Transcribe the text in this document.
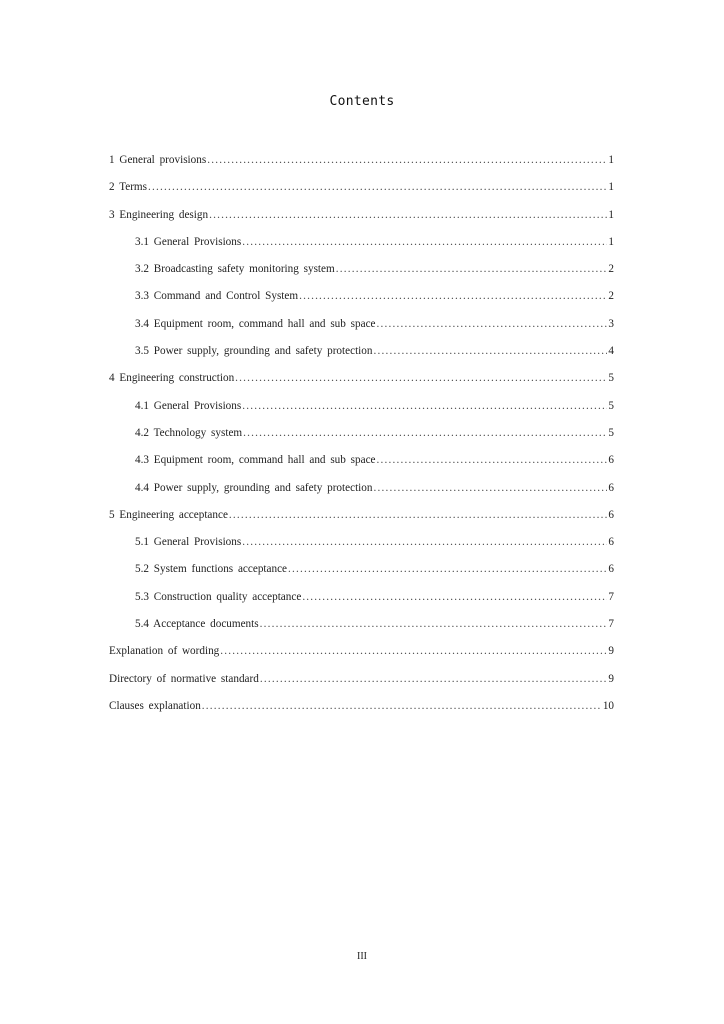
Contents
1 General provisions .....	1
2 Terms .....	1
3 Engineering design .....	1
3.1 General Provisions .....	1
3.2 Broadcasting safety monitoring system .....	2
3.3 Command and Control System .....	2
3.4 Equipment room, command hall and sub space .....	3
3.5 Power supply, grounding and safety protection .....	4
4 Engineering construction .....	5
4.1 General Provisions .....	5
4.2 Technology system .....	5
4.3 Equipment room, command hall and sub space .....	6
4.4 Power supply, grounding and safety protection .....	6
5 Engineering acceptance .....	6
5.1 General Provisions .....	6
5.2 System functions acceptance .....	6
5.3 Construction quality acceptance .....	7
5.4 Acceptance documents .....	7
Explanation of wording .....	9
Directory of normative standard .....	9
Clauses explanation .....	10
III
